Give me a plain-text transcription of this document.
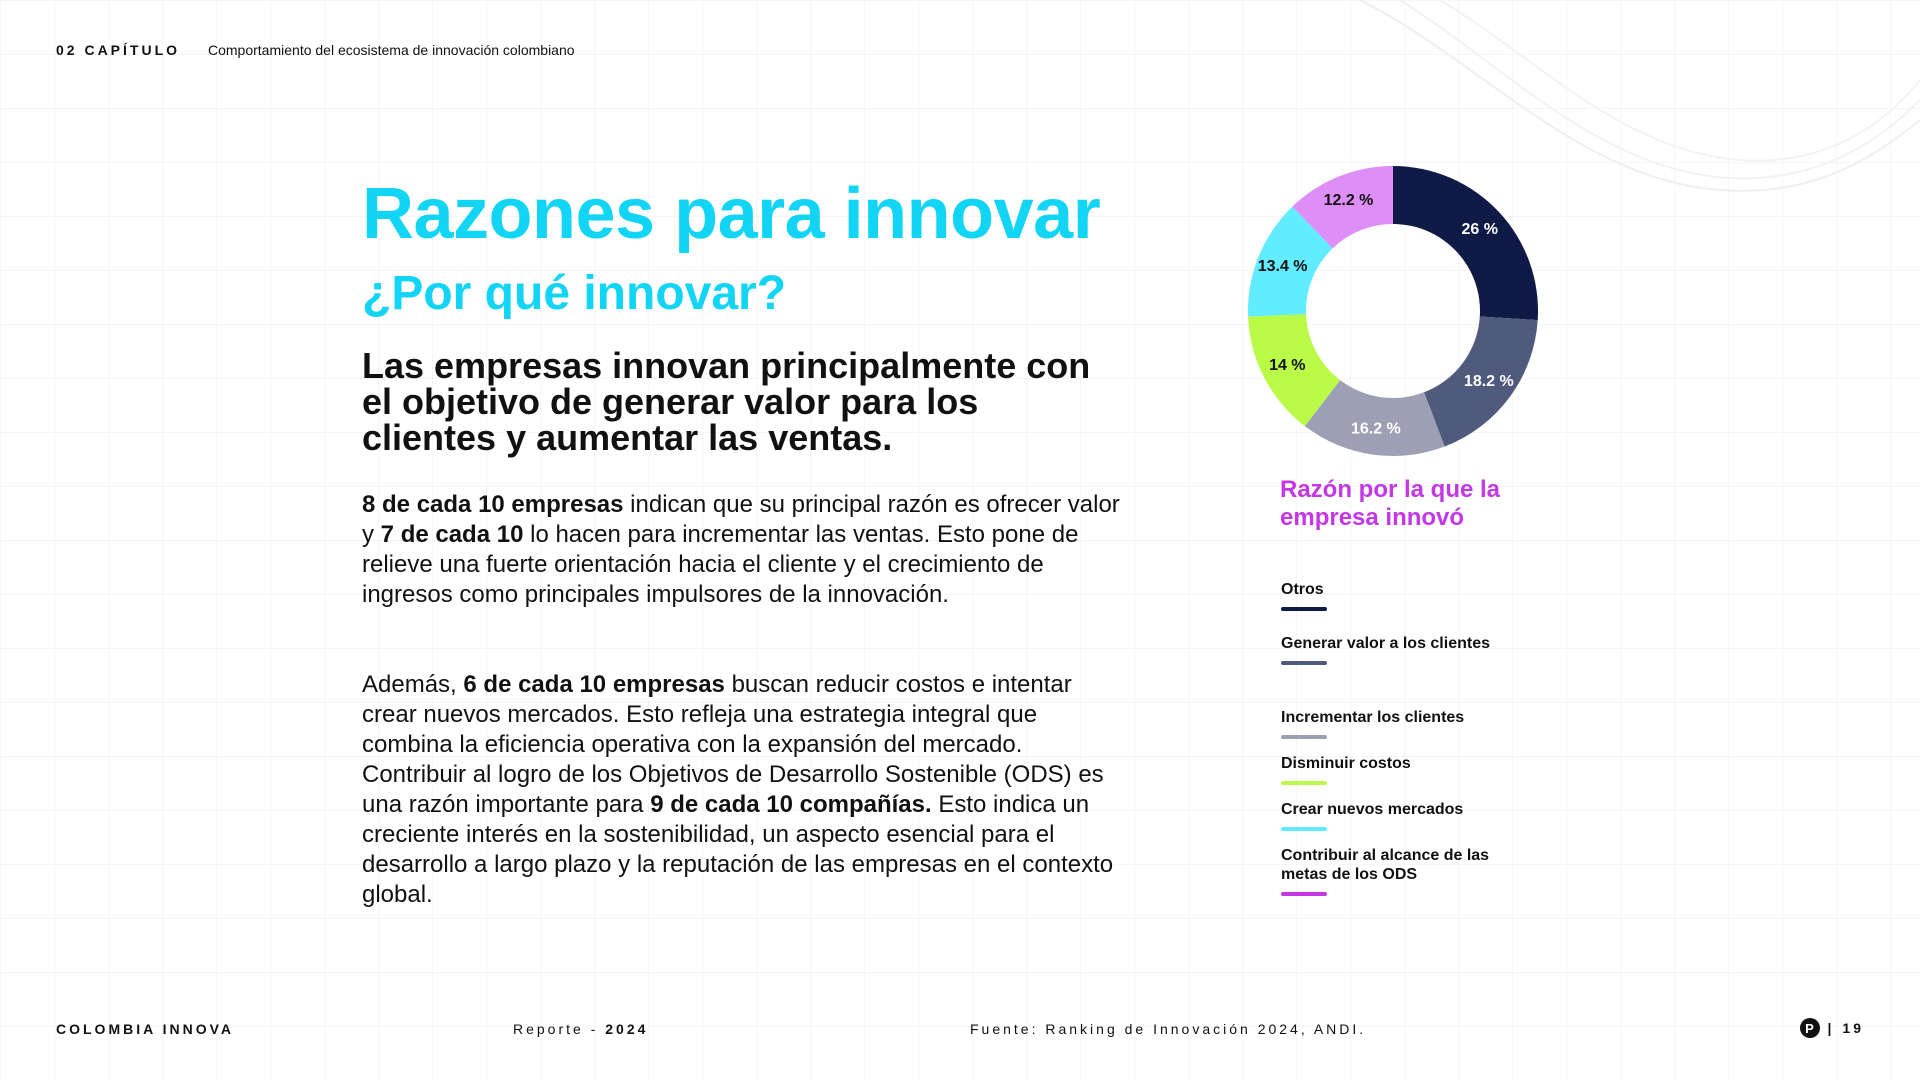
02 CAPÍTULO Comportamiento del ecosistema de innovación colombiano
Razones para innovar
¿Por qué innovar?

Las empresas innovan principalmente con el objetivo de generar valor para los clientes y aumentar las ventas.

8 de cada 10 empresas indican que su principal razón es ofrecer valor y 7 de cada 10 lo hacen para incrementar las ventas. Esto pone de relieve una fuerte orientación hacia el cliente y el crecimiento de ingresos como principales impulsores de la innovación.

Además, 6 de cada 10 empresas buscan reducir costos e intentar crear nuevos mercados. Esto refleja una estrategia integral que combina la eficiencia operativa con la expansión del mercado. Contribuir al logro de los Objetivos de Desarrollo Sostenible (ODS) es una razón importante para 9 de cada 10 compañías. Esto indica un creciente interés en la sostenibilidad, un aspecto esencial para el desarrollo a largo plazo y la reputación de las empresas en el contexto global.

26 %
18.2 %
16.2 %
14 %
13.4 %
12.2 %
Razón por la que la empresa innovó
Otros
Generar valor a los clientes
Incrementar los clientes
Disminuir costos
Crear nuevos mercados
Contribuir al alcance de las metas de los ODS
COLOMBIA INNOVA	Reporte - 2024	Fuente: Ranking de Innovación 2024, ANDI.	P | 19
